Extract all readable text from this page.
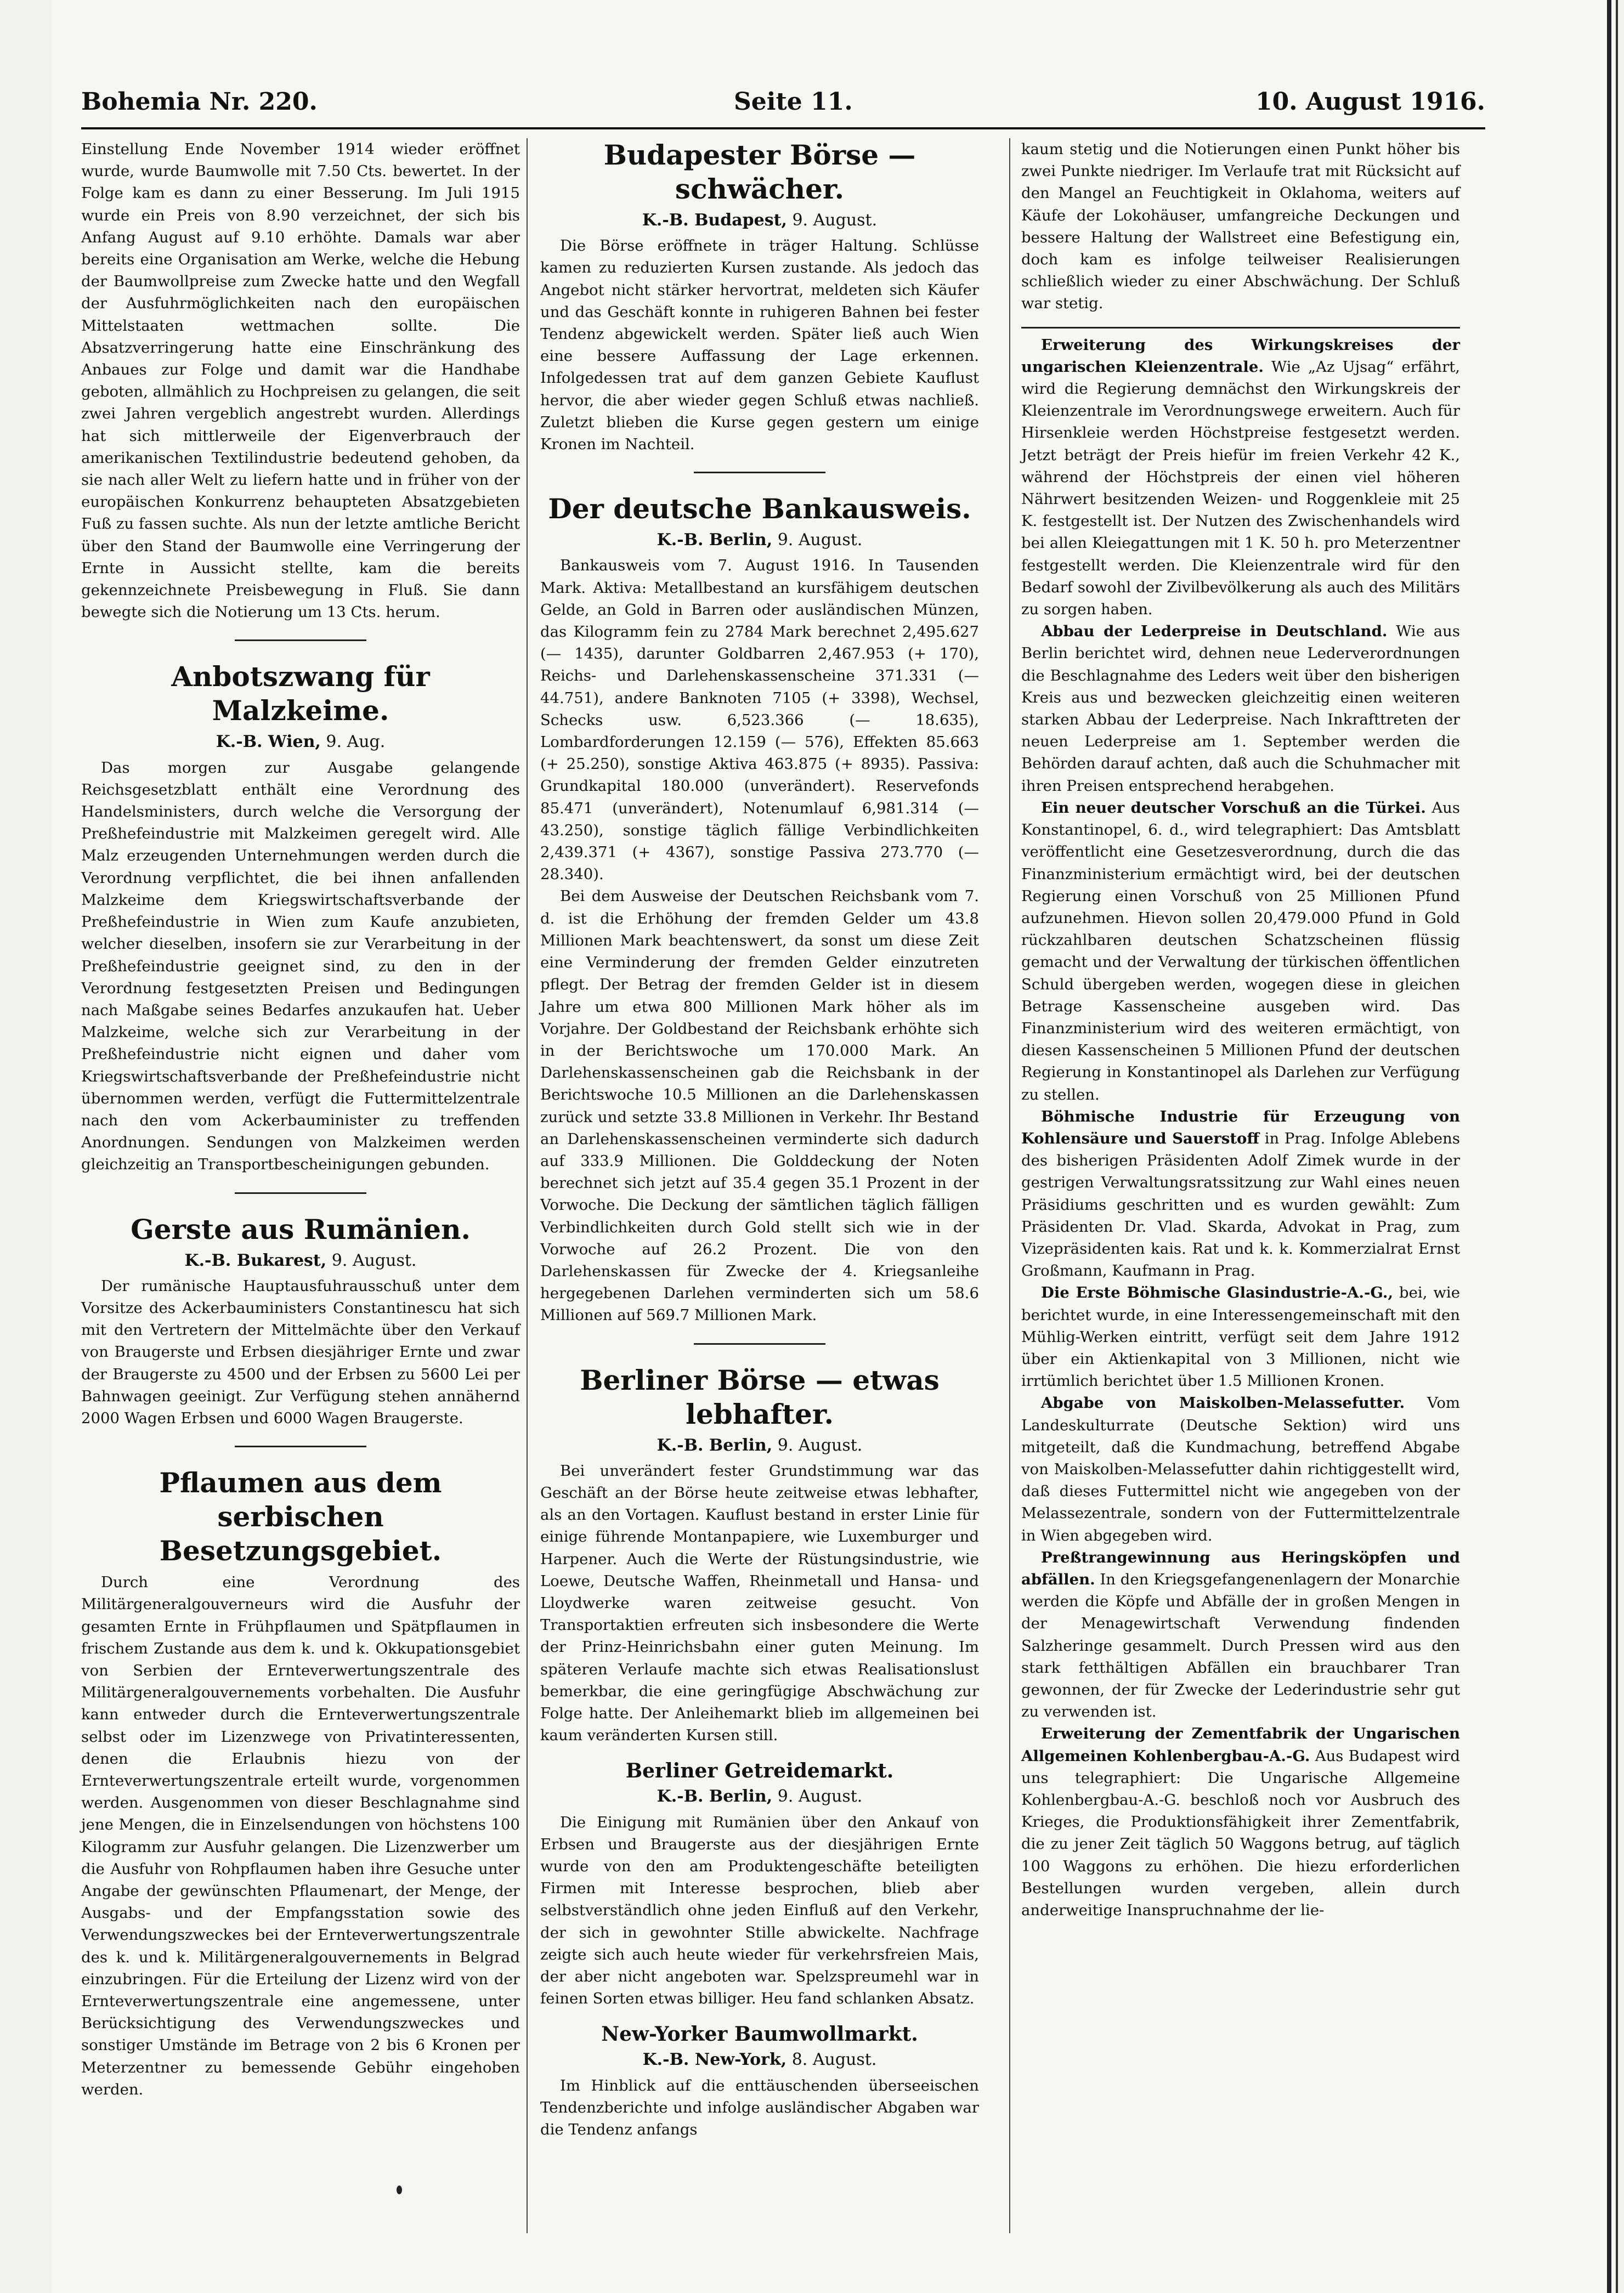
Bohemia Nr. 220.	Seite 11.	10. August 1916.

Einstellung Ende November 1914 wieder eröffnet wurde, wurde Baumwolle mit 7.50 Cts. bewertet. In der Folge kam es dann zu einer Besserung. Im Juli 1915 wurde ein Preis von 8.90 verzeichnet, der sich bis Anfang August auf 9.10 erhöhte. Damals war aber bereits eine Organisation am Werke, welche die Hebung der Baumwollpreise zum Zwecke hatte und den Wegfall der Ausfuhrmöglichkeiten nach den europäischen Mittelstaaten wettmachen sollte. Die Absatzverringerung hatte eine Einschränkung des Anbaues zur Folge und damit war die Handhabe geboten, allmählich zu Hochpreisen zu gelangen, die seit zwei Jahren vergeblich angestrebt wurden. Allerdings hat sich mittlerweile der Eigenverbrauch der amerikanischen Textilindustrie bedeutend gehoben, da sie nach aller Welt zu liefern hatte und in früher von der europäischen Konkurrenz behaupteten Absatzgebieten Fuß zu fassen suchte. Als nun der letzte amtliche Bericht über den Stand der Baumwolle eine Verringerung der Ernte in Aussicht stellte, kam die bereits gekennzeichnete Preisbewegung in Fluß. Sie dann bewegte sich die Notierung um 13 Cts. herum.

Anbotszwang für Malzkeime.
K.-B. Wien, 9. Aug.

Das morgen zur Ausgabe gelangende Reichsgesetzblatt enthält eine Verordnung des Handelsministers, durch welche die Versorgung der Preßhefeindustrie mit Malzkeimen geregelt wird. Alle Malz erzeugenden Unternehmungen werden durch die Verordnung verpflichtet, die bei ihnen anfallenden Malzkeime dem Kriegswirtschaftsverbande der Preßhefeindustrie in Wien zum Kaufe anzubieten, welcher dieselben, insofern sie zur Verarbeitung in der Preßhefeindustrie geeignet sind, zu den in der Verordnung festgesetzten Preisen und Bedingungen nach Maßgabe seines Bedarfes anzukaufen hat. Ueber Malzkeime, welche sich zur Verarbeitung in der Preßhefeindustrie nicht eignen und daher vom Kriegswirtschaftsverbande der Preßhefeindustrie nicht übernommen werden, verfügt die Futtermittelzentrale nach den vom Ackerbauminister zu treffenden Anordnungen. Sendungen von Malzkeimen werden gleichzeitig an Transportbescheinigungen gebunden.

Gerste aus Rumänien.
K.-B. Bukarest, 9. August.

Der rumänische Hauptausfuhrausschuß unter dem Vorsitze des Ackerbauministers Constantinescu hat sich mit den Vertretern der Mittelmächte über den Verkauf von Braugerste und Erbsen diesjähriger Ernte und zwar der Braugerste zu 4500 und der Erbsen zu 5600 Lei per Bahnwagen geeinigt. Zur Verfügung stehen annähernd 2000 Wagen Erbsen und 6000 Wagen Braugerste.

Pflaumen aus dem serbischen Besetzungsgebiet.

Durch eine Verordnung des Militärgeneralgouverneurs wird die Ausfuhr der gesamten Ernte in Frühpflaumen und Spätpflaumen in frischem Zustande aus dem k. und k. Okkupationsgebiet von Serbien der Ernteverwertungszentrale des Militärgeneralgouvernements vorbehalten. Die Ausfuhr kann entweder durch die Ernteverwertungszentrale selbst oder im Lizenzwege von Privatinteressenten, denen die Erlaubnis hiezu von der Ernteverwertungszentrale erteilt wurde, vorgenommen werden. Ausgenommen von dieser Beschlagnahme sind jene Mengen, die in Einzelsendungen von höchstens 100 Kilogramm zur Ausfuhr gelangen. Die Lizenzwerber um die Ausfuhr von Rohpflaumen haben ihre Gesuche unter Angabe der gewünschten Pflaumenart, der Menge, der Ausgabs- und der Empfangsstation sowie des Verwendungszweckes bei der Ernteverwertungszentrale des k. und k. Militärgeneralgouvernements in Belgrad einzubringen. Für die Erteilung der Lizenz wird von der Ernteverwertungszentrale eine angemessene, unter Berücksichtigung des Verwendungszweckes und sonstiger Umstände im Betrage von 2 bis 6 Kronen per Meterzentner zu bemessende Gebühr eingehoben werden.

Budapester Börse — schwächer.
K.-B. Budapest, 9. August.

Die Börse eröffnete in träger Haltung. Schlüsse kamen zu reduzierten Kursen zustande. Als jedoch das Angebot nicht stärker hervortrat, meldeten sich Käufer und das Geschäft konnte in ruhigeren Bahnen bei fester Tendenz abgewickelt werden. Später ließ auch Wien eine bessere Auffassung der Lage erkennen. Infolgedessen trat auf dem ganzen Gebiete Kauflust hervor, die aber wieder gegen Schluß etwas nachließ. Zuletzt blieben die Kurse gegen gestern um einige Kronen im Nachteil.

Der deutsche Bankausweis.
K.-B. Berlin, 9. August.

Bankausweis vom 7. August 1916. In Tausenden Mark. Aktiva: Metallbestand an kursfähigem deutschen Gelde, an Gold in Barren oder ausländischen Münzen, das Kilogramm fein zu 2784 Mark berechnet 2,495.627 (— 1435), darunter Goldbarren 2,467.953 (+ 170), Reichs- und Darlehenskassenscheine 371.331 (— 44.751), andere Banknoten 7105 (+ 3398), Wechsel, Schecks usw. 6,523.366 (— 18.635), Lombardforderungen 12.159 (— 576), Effekten 85.663 (+ 25.250), sonstige Aktiva 463.875 (+ 8935). Passiva: Grundkapital 180.000 (unverändert). Reservefonds 85.471 (unverändert), Notenumlauf 6,981.314 (— 43.250), sonstige täglich fällige Verbindlichkeiten 2,439.371 (+ 4367), sonstige Passiva 273.770 (— 28.340).

Bei dem Ausweise der Deutschen Reichsbank vom 7. d. ist die Erhöhung der fremden Gelder um 43.8 Millionen Mark beachtenswert, da sonst um diese Zeit eine Verminderung der fremden Gelder einzutreten pflegt. Der Betrag der fremden Gelder ist in diesem Jahre um etwa 800 Millionen Mark höher als im Vorjahre. Der Goldbestand der Reichsbank erhöhte sich in der Berichtswoche um 170.000 Mark. An Darlehenskassenscheinen gab die Reichsbank in der Berichtswoche 10.5 Millionen an die Darlehenskassen zurück und setzte 33.8 Millionen in Verkehr. Ihr Bestand an Darlehenskassenscheinen verminderte sich dadurch auf 333.9 Millionen. Die Golddeckung der Noten berechnet sich jetzt auf 35.4 gegen 35.1 Prozent in der Vorwoche. Die Deckung der sämtlichen täglich fälligen Verbindlichkeiten durch Gold stellt sich wie in der Vorwoche auf 26.2 Prozent. Die von den Darlehenskassen für Zwecke der 4. Kriegsanleihe hergegebenen Darlehen verminderten sich um 58.6 Millionen auf 569.7 Millionen Mark.

Berliner Börse — etwas lebhafter.
K.-B. Berlin, 9. August.

Bei unverändert fester Grundstimmung war das Geschäft an der Börse heute zeitweise etwas lebhafter, als an den Vortagen. Kauflust bestand in erster Linie für einige führende Montanpapiere, wie Luxemburger und Harpener. Auch die Werte der Rüstungsindustrie, wie Loewe, Deutsche Waffen, Rheinmetall und Hansa- und Lloydwerke waren zeitweise gesucht. Von Transportaktien erfreuten sich insbesondere die Werte der Prinz-Heinrichsbahn einer guten Meinung. Im späteren Verlaufe machte sich etwas Realisationslust bemerkbar, die eine geringfügige Abschwächung zur Folge hatte. Der Anleihemarkt blieb im allgemeinen bei kaum veränderten Kursen still.

Berliner Getreidemarkt.
K.-B. Berlin, 9. August.

Die Einigung mit Rumänien über den Ankauf von Erbsen und Braugerste aus der diesjährigen Ernte wurde von den am Produktengeschäfte beteiligten Firmen mit Interesse besprochen, blieb aber selbstverständlich ohne jeden Einfluß auf den Verkehr, der sich in gewohnter Stille abwickelte. Nachfrage zeigte sich auch heute wieder für verkehrsfreien Mais, der aber nicht angeboten war. Spelzspreumehl war in feinen Sorten etwas billiger. Heu fand schlanken Absatz.

New-Yorker Baumwollmarkt.
K.-B. New-York, 8. August.

Im Hinblick auf die enttäuschenden überseeischen Tendenzberichte und infolge ausländischer Abgaben war die Tendenz anfangs

kaum stetig und die Notierungen einen Punkt höher bis zwei Punkte niedriger. Im Verlaufe trat mit Rücksicht auf den Mangel an Feuchtigkeit in Oklahoma, weiters auf Käufe der Lokohäuser, umfangreiche Deckungen und bessere Haltung der Wallstreet eine Befestigung ein, doch kam es infolge teilweiser Realisierungen schließlich wieder zu einer Abschwächung. Der Schluß war stetig.

Erweiterung des Wirkungskreises der ungarischen Kleienzentrale. Wie „Az Ujsag“ erfährt, wird die Regierung demnächst den Wirkungskreis der Kleienzentrale im Verordnungswege erweitern. Auch für Hirsenkleie werden Höchstpreise festgesetzt werden. Jetzt beträgt der Preis hiefür im freien Verkehr 42 K., während der Höchstpreis der einen viel höheren Nährwert besitzenden Weizen- und Roggenkleie mit 25 K. festgestellt ist. Der Nutzen des Zwischenhandels wird bei allen Kleiegattungen mit 1 K. 50 h. pro Meterzentner festgestellt werden. Die Kleienzentrale wird für den Bedarf sowohl der Zivilbevölkerung als auch des Militärs zu sorgen haben.

Abbau der Lederpreise in Deutschland. Wie aus Berlin berichtet wird, dehnen neue Lederverordnungen die Beschlagnahme des Leders weit über den bisherigen Kreis aus und bezwecken gleichzeitig einen weiteren starken Abbau der Lederpreise. Nach Inkrafttreten der neuen Lederpreise am 1. September werden die Behörden darauf achten, daß auch die Schuhmacher mit ihren Preisen entsprechend herabgehen.

Ein neuer deutscher Vorschuß an die Türkei. Aus Konstantinopel, 6. d., wird telegraphiert: Das Amtsblatt veröffentlicht eine Gesetzesverordnung, durch die das Finanzministerium ermächtigt wird, bei der deutschen Regierung einen Vorschuß von 25 Millionen Pfund aufzunehmen. Hievon sollen 20,479.000 Pfund in Gold rückzahlbaren deutschen Schatzscheinen flüssig gemacht und der Verwaltung der türkischen öffentlichen Schuld übergeben werden, wogegen diese in gleichen Betrage Kassenscheine ausgeben wird. Das Finanzministerium wird des weiteren ermächtigt, von diesen Kassenscheinen 5 Millionen Pfund der deutschen Regierung in Konstantinopel als Darlehen zur Verfügung zu stellen.

Böhmische Industrie für Erzeugung von Kohlensäure und Sauerstoff in Prag. Infolge Ablebens des bisherigen Präsidenten Adolf Zimek wurde in der gestrigen Verwaltungsratssitzung zur Wahl eines neuen Präsidiums geschritten und es wurden gewählt: Zum Präsidenten Dr. Vlad. Skarda, Advokat in Prag, zum Vizepräsidenten kais. Rat und k. k. Kommerzialrat Ernst Großmann, Kaufmann in Prag.

Die Erste Böhmische Glasindustrie-A.-G., bei, wie berichtet wurde, in eine Interessengemeinschaft mit den Mühlig-Werken eintritt, verfügt seit dem Jahre 1912 über ein Aktienkapital von 3 Millionen, nicht wie irrtümlich berichtet über 1.5 Millionen Kronen.

Abgabe von Maiskolben-Melassefutter. Vom Landeskulturrate (Deutsche Sektion) wird uns mitgeteilt, daß die Kundmachung, betreffend Abgabe von Maiskolben-Melassefutter dahin richtiggestellt wird, daß dieses Futtermittel nicht wie angegeben von der Melassezentrale, sondern von der Futtermittelzentrale in Wien abgegeben wird.

Preßtrangewinnung aus Heringsköpfen und abfällen. In den Kriegsgefangenenlagern der Monarchie werden die Köpfe und Abfälle der in großen Mengen in der Menagewirtschaft Verwendung findenden Salzheringe gesammelt. Durch Pressen wird aus den stark fetthältigen Abfällen ein brauchbarer Tran gewonnen, der für Zwecke der Lederindustrie sehr gut zu verwenden ist.

Erweiterung der Zementfabrik der Ungarischen Allgemeinen Kohlenbergbau-A.-G. Aus Budapest wird uns telegraphiert: Die Ungarische Allgemeine Kohlenbergbau-A.-G. beschloß noch vor Ausbruch des Krieges, die Produktionsfähigkeit ihrer Zementfabrik, die zu jener Zeit täglich 50 Waggons betrug, auf täglich 100 Waggons zu erhöhen. Die hiezu erforderlichen Bestellungen wurden vergeben, allein durch anderweitige Inanspruchnahme der lie-
